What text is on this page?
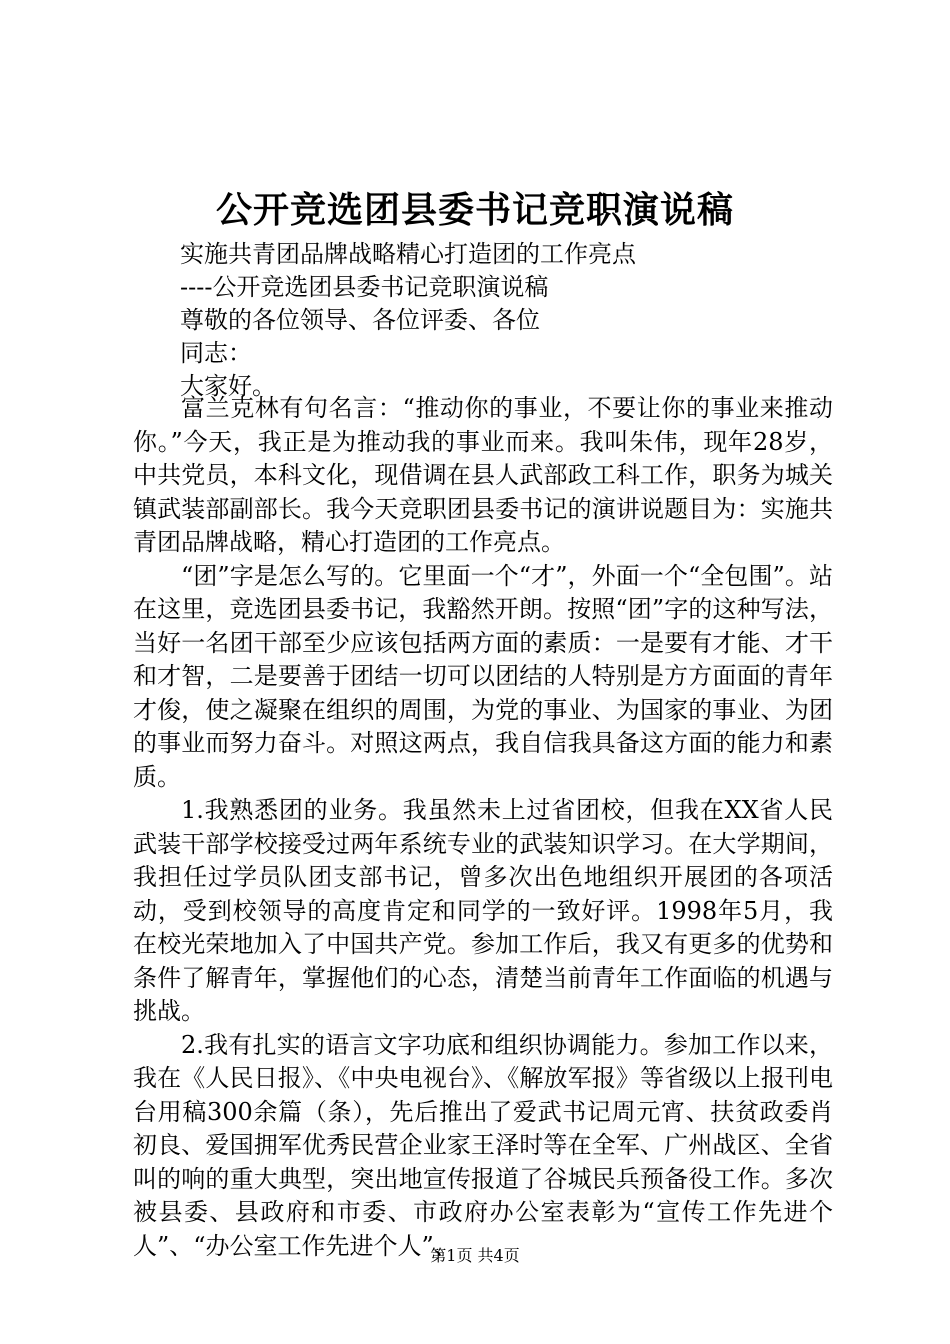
公开竞选团县委书记竞职演说稿

实施共青团品牌战略精心打造团的工作亮点

----公开竞选团县委书记竞职演说稿

尊敬的各位领导、各位评委、各位

同志：

大家好。

富兰克林有句名言：“推动你的事业，不要让你的事业来推动你。”今天，我正是为推动我的事业而来。我叫朱伟，现年28岁，中共党员，本科文化，现借调在县人武部政工科工作，职务为城关镇武装部副部长。我今天竞职团县委书记的演讲说题目为：实施共青团品牌战略，精心打造团的工作亮点。

“团”字是怎么写的。它里面一个“才”，外面一个“全包围”。站在这里，竞选团县委书记，我豁然开朗。按照“团”字的这种写法，当好一名团干部至少应该包括两方面的素质：一是要有才能、才干和才智，二是要善于团结一切可以团结的人特别是方方面面的青年才俊，使之凝聚在组织的周围，为党的事业、为国家的事业、为团的事业而努力奋斗。对照这两点，我自信我具备这方面的能力和素质。

1.我熟悉团的业务。我虽然未上过省团校，但我在XX省人民武装干部学校接受过两年系统专业的武装知识学习。在大学期间，我担任过学员队团支部书记，曾多次出色地组织开展团的各项活动，受到校领导的高度肯定和同学的一致好评。1998年5月，我在校光荣地加入了中国共产党。参加工作后，我又有更多的优势和条件了解青年，掌握他们的心态，清楚当前青年工作面临的机遇与挑战。

2.我有扎实的语言文字功底和组织协调能力。参加工作以来，我在《人民日报》、《中央电视台》、《解放军报》等省级以上报刊电台用稿300余篇（条），先后推出了爱武书记周元宵、扶贫政委肖初良、爱国拥军优秀民营企业家王泽时等在全军、广州战区、全省叫的响的重大典型，突出地宣传报道了谷城民兵预备役工作。多次被县委、县政府和市委、市政府办公室表彰为“宣传工作先进个人”、“办公室工作先进个人”、

第1页 共4页
